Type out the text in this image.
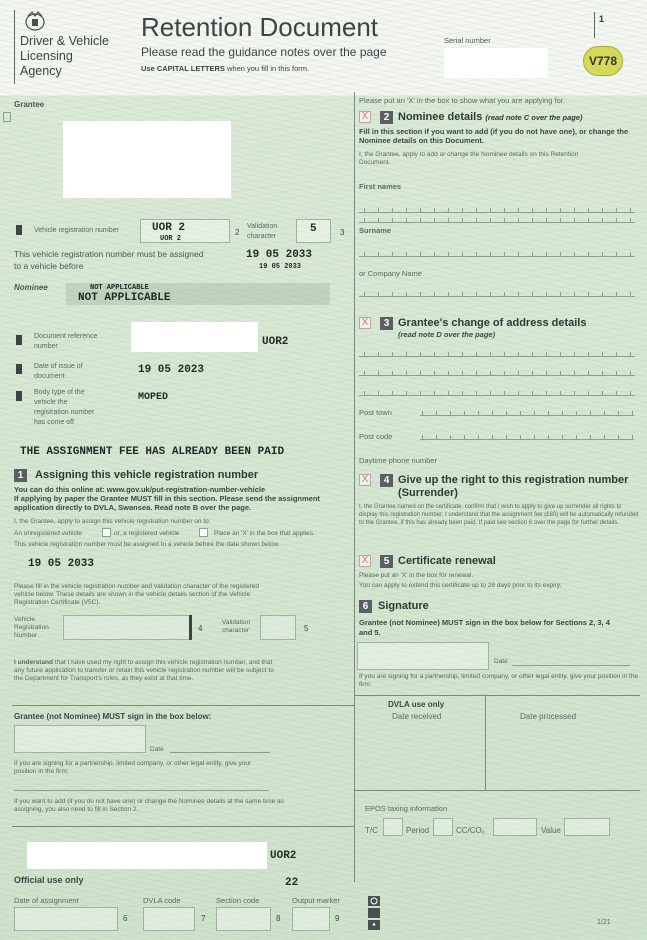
Driver & Vehicle
Licensing
Agency
Retention Document
Please read the guidance notes over the page
Use CAPITAL LETTERS when you fill in this form.
Serial number
V778
1
Grantee
Vehicle registration number	UOR 2
UOR 2
2
Validation character
5	3
This vehicle registration number must be assigned to a vehicle before
19 05 2033
19 05 2033
Nominee	NOT APPLICABLE
NOT APPLICABLE
Document reference number	UOR2
Date of issue of document
19 05 2023
Body type of the vehicle the registration number has come off
MOPED
THE ASSIGNMENT FEE HAS ALREADY BEEN PAID
1	Assigning this vehicle registration number
You can do this online at: www.gov.uk/put-registration-number-vehicle
If applying by paper the Grantee MUST fill in this section. Please send the assignment application directly to DVLA, Swansea. Read note B over the page.
I, the Grantee, apply to assign this vehicle registration number on to:
An unregistered vehicle	or, a registered vehicle	Place an 'X' in the box that applies.
This vehicle registration number must be assigned to a vehicle before the date shown below.
19 05 2033
Please fill in the vehicle registration number and validation character of the registered vehicle below. These details are shown in the vehicle details section of the Vehicle Registration Certificate (V5C).
Vehicle Registration Number
4
Validation character	5
I understand that I have used my right to assign this vehicle registration number, and that any future application to transfer or retain this vehicle registration number will be subject to the Department for Transport's rules, as they exist at that time.
Grantee (not Nominee) MUST sign in the box below:
Date
If you are signing for a partnership, limited company, or other legal entity, give your position in the firm:
If you want to add (if you do not have one) or change the Nominee details at the same time as assigning, you also need to fill in Section 2.
UOR2
Official use only	22
Date of assignment
6
DVLA code
7
Section code
8
Output marker
9	1/21
Please put an 'X' in the box to show what you are applying for.
X	2 Nominee details (read note C over the page)
Fill in this section if you want to add (if you do not have one), or change the Nominee details on this Document.
I, the Grantee, apply to add or change the Nominee details on this Retention Document.
First names
Surname
or Company Name
X	3 Grantee's change of address details
(read note D over the page)
Post town
Post code
Daytime phone number
X	4 Give up the right to this registration number
(Surrender)
I, the Grantee named on the certificate, confirm that I wish to apply to give up surrender all rights to display this registration number. I understand that the assignment fee (£80) will be automatically refunded to the Grantee, if this has already been paid. If paid see section 6 over the page for further details.
X	5 Certificate renewal
Please put an 'X' in the box for renewal.
You can apply to extend this certificate up to 28 days prior to its expiry.
6 Signature
Grantee (not Nominee) MUST sign in the box below for Sections 2, 3, 4 and 5.
Date
If you are signing for a partnership, limited company, or other legal entity, give your position in the firm:
DVLA use only
Date received	Date processed
EPOS taxing information
T/C	Period	CC/CO₂	Value
